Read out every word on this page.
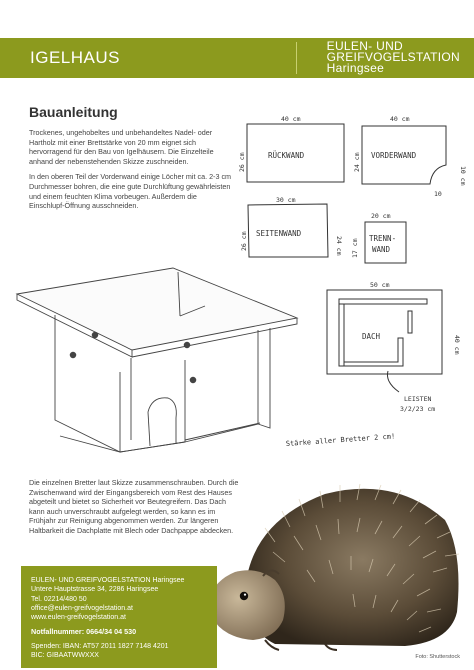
IGELHAUS
EULEN- UND
GREIFVOGELSTATION
Haringsee
Bauanleitung

Trockenes, ungehobeltes und unbehandeltes Nadel- oder Hartholz mit einer Brettstärke von 20 mm eignet sich hervorragend für den Bau von Igelhäusern. Die Einzelteile anhand der nebenstehenden Skizze zuschneiden.

In den oberen Teil der Vorderwand einige Löcher mit ca. 2-3 cm Durchmesser bohren, die eine gute Durchlüftung gewährleisten und einem feuchten Klima vorbeugen. Außerdem die Einschlupf-Öffnung ausschneiden.

RÜCKWAND
40 cm
26 cm	VORDERWAND
40 cm
24 cm
10 cm
10
SEITENWAND
30 cm
26 cm	24 cm	TRENN-
WAND
20 cm
17 cm
DACH
50 cm
40 cm
LEISTEN
3/2/23 cm
Stärke aller Bretter 2 cm!
Die einzelnen Bretter laut Skizze zusammenschrauben. Durch die Zwischenwand wird der Eingangsbereich vom Rest des Hauses abgeteilt und bietet so Sicherheit vor Beutegreifern. Das Dach kann auch unverschraubt aufgelegt werden, so kann es im Frühjahr zur Reinigung abgenommen werden. Zur längeren Haltbarkeit die Dachplatte mit Blech oder Dachpappe abdecken.
EULEN- UND GREIFVOGELSTATION Haringsee
Untere Hauptstrasse 34, 2286 Haringsee
Tel. 02214/480 50
office@eulen-greifvogelstation.at
www.eulen-greifvogelstation.at
Notfallnummer: 0664/34 04 530
Spenden: IBAN: AT57 2011 1827 7148 4201
BIC: GIBAATWWXXX	Foto: Shutterstock
